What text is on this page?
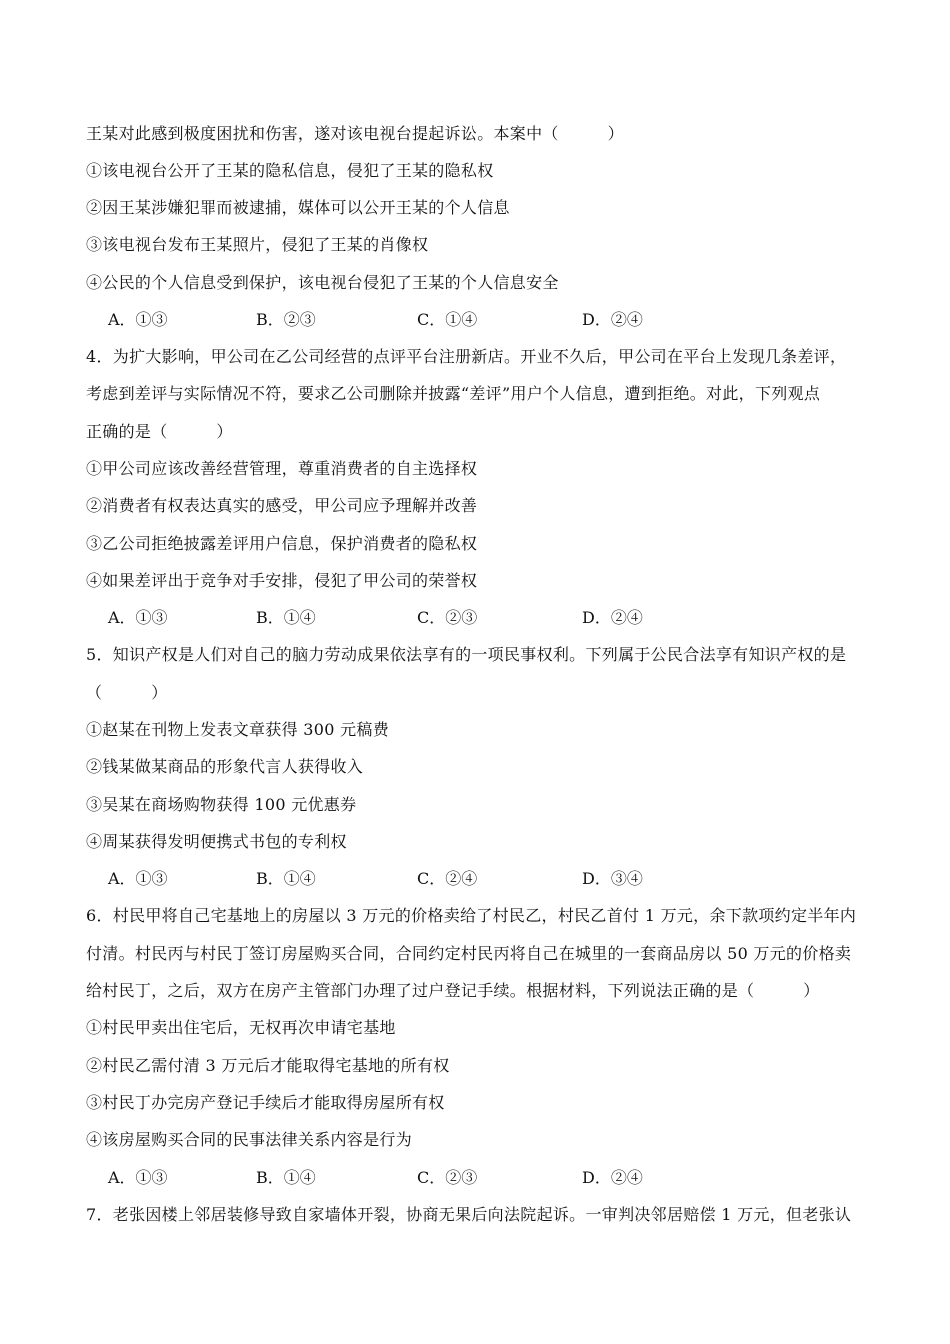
王某对此感到极度困扰和伤害，遂对该电视台提起诉讼。本案中（　　　）
①该电视台公开了王某的隐私信息，侵犯了王某的隐私权
②因王某涉嫌犯罪而被逮捕，媒体可以公开王某的个人信息
③该电视台发布王某照片，侵犯了王某的肖像权
④公民的个人信息受到保护，该电视台侵犯了王某的个人信息安全
A．①③	B．②③	C．①④	D．②④
4．为扩大影响，甲公司在乙公司经营的点评平台注册新店。开业不久后，甲公司在平台上发现几条差评，
考虑到差评与实际情况不符，要求乙公司删除并披露“差评”用户个人信息，遭到拒绝。对此，下列观点
正确的是（　　　）
①甲公司应该改善经营管理，尊重消费者的自主选择权
②消费者有权表达真实的感受，甲公司应予理解并改善
③乙公司拒绝披露差评用户信息，保护消费者的隐私权
④如果差评出于竞争对手安排，侵犯了甲公司的荣誉权
A．①③	B．①④	C．②③	D．②④
5．知识产权是人们对自己的脑力劳动成果依法享有的一项民事权利。下列属于公民合法享有知识产权的是
（　　　）
①赵某在刊物上发表文章获得 300 元稿费
②钱某做某商品的形象代言人获得收入
③吴某在商场购物获得 100 元优惠券
④周某获得发明便携式书包的专利权
A．①③	B．①④	C．②④	D．③④
6．村民甲将自己宅基地上的房屋以 3 万元的价格卖给了村民乙，村民乙首付 1 万元，余下款项约定半年内
付清。村民丙与村民丁签订房屋购买合同，合同约定村民丙将自己在城里的一套商品房以 50 万元的价格卖
给村民丁，之后，双方在房产主管部门办理了过户登记手续。根据材料，下列说法正确的是（　　　）
①村民甲卖出住宅后，无权再次申请宅基地
②村民乙需付清 3 万元后才能取得宅基地的所有权
③村民丁办完房产登记手续后才能取得房屋所有权
④该房屋购买合同的民事法律关系内容是行为
A．①③	B．①④	C．②③	D．②④
7．老张因楼上邻居装修导致自家墙体开裂，协商无果后向法院起诉。一审判决邻居赔偿 1 万元，但老张认
